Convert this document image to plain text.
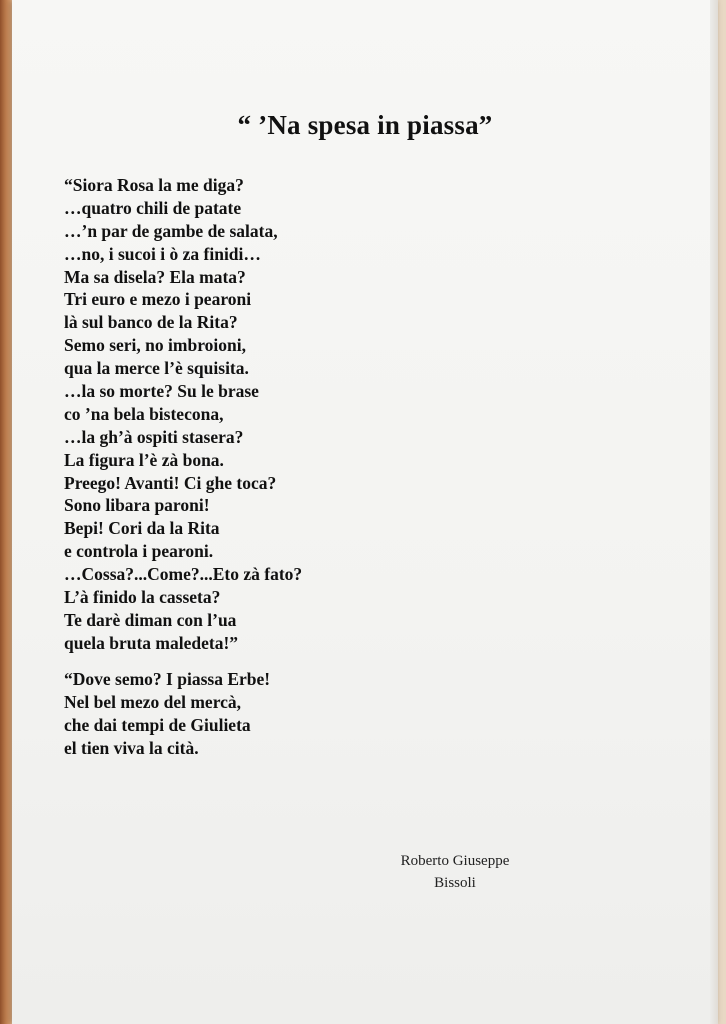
“ ’Na spesa in piassa”
“Siora Rosa la me diga?
…quatro chili de patate
…’n par de gambe de salata,
…no, i sucoi i ò za finidi…
Ma sa disela? Ela mata?
Tri euro e mezo i pearoni
là sul banco de la Rita?
Semo seri, no imbroioni,
qua la merce l’è squisita.
…la so morte? Su le brase
co ’na bela bistecona,
…la gh’à ospiti stasera?
La figura l’è zà bona.
Preego! Avanti! Ci ghe toca?
Sono libara paroni!
Bepi! Cori da la Rita
e controla i pearoni.
…Cossa?...Come?...Eto zà fato?
L’à finido la casseta?
Te darè diman con l’ua
quela bruta maledeta!”
“Dove semo? I piassa Erbe!
Nel bel mezo del mercà,
che dai tempi de Giulieta
el tien viva la cità.
Roberto Giuseppe
Bissoli
